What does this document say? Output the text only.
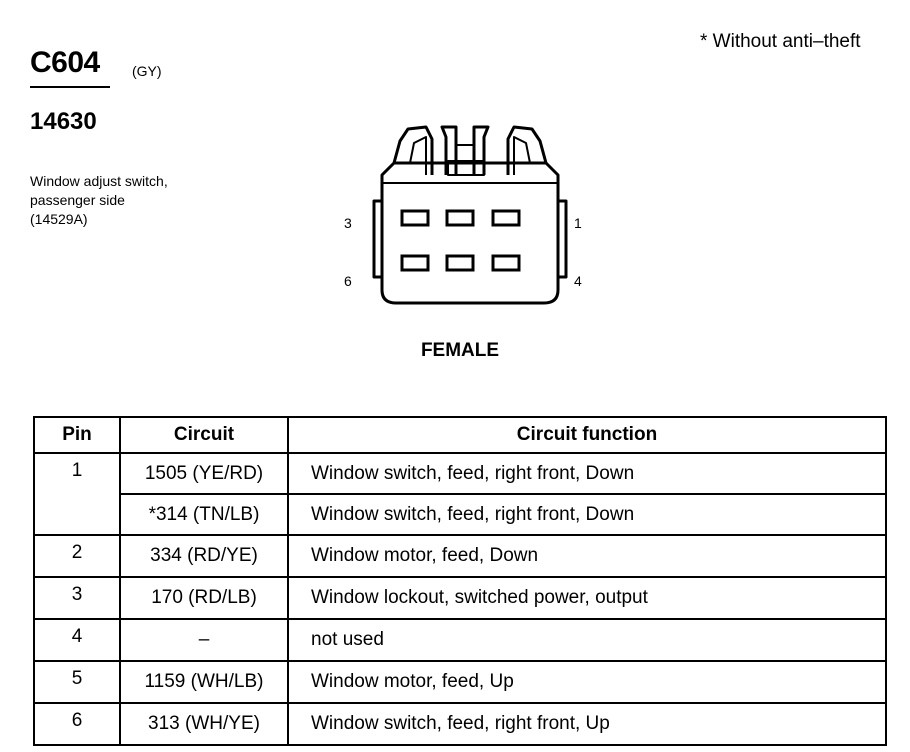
C604 (GY)
14630
Window adjust switch,
passenger side
(14529A)
* Without anti–theft
3
6
1
4
FEMALE
Pin	Circuit	Circuit function
1	1505 (YE/RD)	Window switch, feed, right front, Down
	*314 (TN/LB)	Window switch, feed, right front, Down
2	334 (RD/YE)	Window motor, feed, Down
3	170 (RD/LB)	Window lockout, switched power, output
4	–	not used
5	1159 (WH/LB)	Window motor, feed, Up
6	313 (WH/YE)	Window switch, feed, right front, Up
